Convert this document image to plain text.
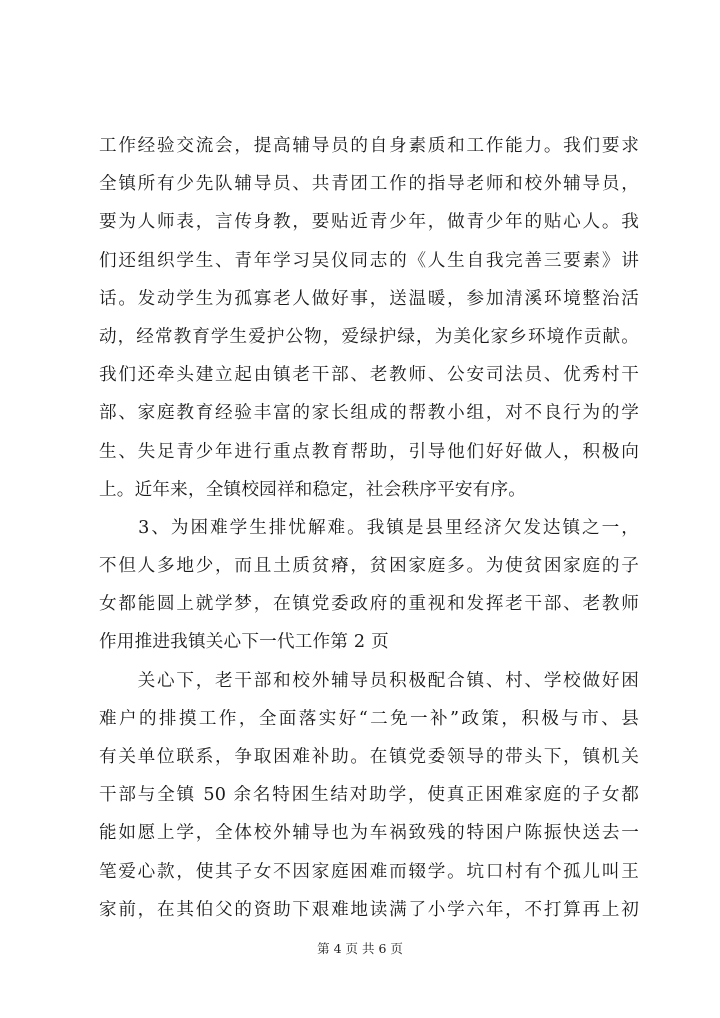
工作经验交流会，提高辅导员的自身素质和工作能力。我们要求
全镇所有少先队辅导员、共青团工作的指导老师和校外辅导员，
要为人师表，言传身教，要贴近青少年，做青少年的贴心人。我
们还组织学生、青年学习吴仪同志的《人生自我完善三要素》讲
话。发动学生为孤寡老人做好事，送温暖，参加清溪环境整治活
动，经常教育学生爱护公物，爱绿护绿，为美化家乡环境作贡献。
我们还牵头建立起由镇老干部、老教师、公安司法员、优秀村干
部、家庭教育经验丰富的家长组成的帮教小组，对不良行为的学
生、失足青少年进行重点教育帮助，引导他们好好做人，积极向
上。近年来，全镇校园祥和稳定，社会秩序平安有序。
　　3、为困难学生排忧解难。我镇是县里经济欠发达镇之一，
不但人多地少，而且土质贫瘠，贫困家庭多。为使贫困家庭的子
女都能圆上就学梦，在镇党委政府的重视和发挥老干部、老教师
作用推进我镇关心下一代工作第 2 页
　　关心下，老干部和校外辅导员积极配合镇、村、学校做好困
难户的排摸工作，全面落实好“二免一补”政策，积极与市、县
有关单位联系，争取困难补助。在镇党委领导的带头下，镇机关
干部与全镇 50 余名特困生结对助学，使真正困难家庭的子女都
能如愿上学，全体校外辅导也为车祸致残的特困户陈振快送去一
笔爱心款，使其子女不因家庭困难而辍学。坑口村有个孤儿叫王
家前，在其伯父的资助下艰难地读满了小学六年，不打算再上初
第 4 页 共 6 页
